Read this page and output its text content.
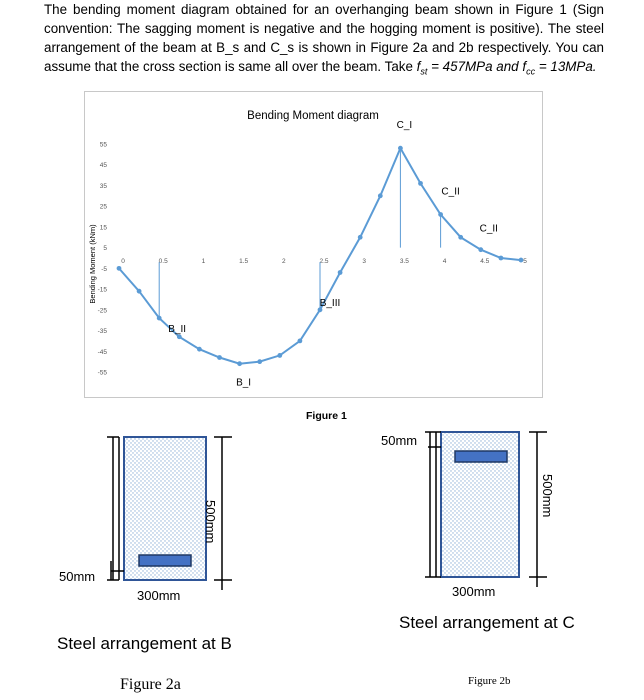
The bending moment diagram obtained for an overhanging beam shown in Figure 1 (Sign convention: The sagging moment is negative and the hogging moment is positive). The steel arrangement of the beam at B_s and C_s is shown in Figure 2a and 2b respectively. You can assume that the cross section is same all over the beam. Take $f_{st} = 457MPa$ and $f_{cc} = 13MPa$.
Bending Moment diagram
Bending Moment (kNm)
55
45
35
25
15
5
-5
-15
-25
-35
-45
-55
0	0.5	1	1.5	2	2.5	3	3.5	4	4.5	5
B_II
B_I
B_III
C_I
C_II
C_II
Figure 1
50mm
300mm
500mm
Steel arrangement at B
Figure 2a
50mm
300mm
500mm
Steel arrangement at C
Figure 2b
